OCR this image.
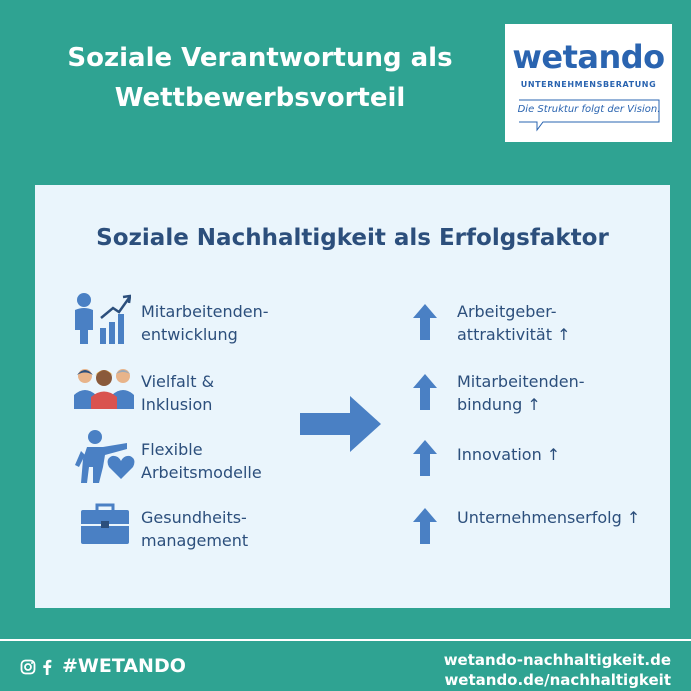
Soziale Verantwortung als
Wettbewerbsvorteil
wetando
UNTERNEHMENSBERATUNG
Die Struktur folgt der Vision.
Soziale Nachhaltigkeit als Erfolgsfaktor
Mitarbeitenden-
entwicklung
Vielfalt &
Inklusion
Flexible
Arbeitsmodelle
Gesundheits-
management
Arbeitgeber-
attraktivität ↑
Mitarbeitenden-
bindung ↑
Innovation ↑
Unternehmenserfolg ↑
#WETANDO	wetando-nachhaltigkeit.de
wetando.de/nachhaltigkeit
